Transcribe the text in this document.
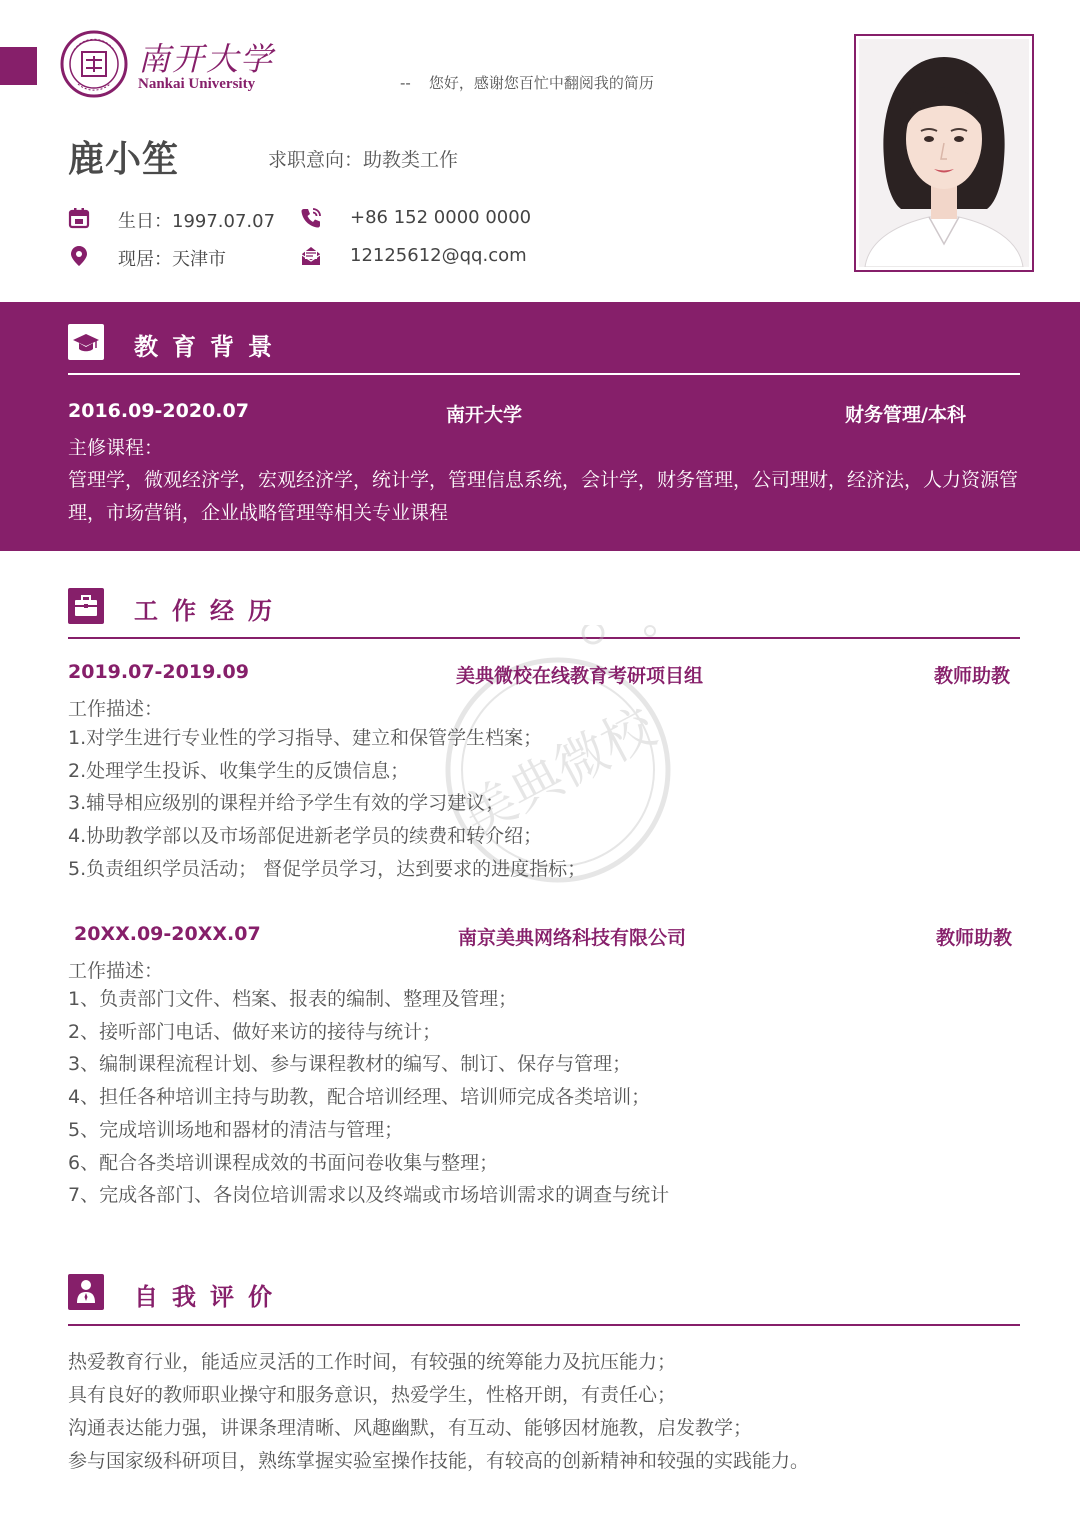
南开大学
Nankai University	-- 您好，感谢您百忙中翻阅我的简历
鹿小笙	求职意向：助教类工作
生日：1997.07.07
现居：天津市
+86 152 0000 0000
12125612@qq.com
教育背景
2016.09-2020.07	南开大学	财务管理/本科
主修课程：
管理学，微观经济学，宏观经济学，统计学，管理信息系统，会计学，财务管理，公司理财，经济法，人力资源管理，市场营销，企业战略管理等相关专业课程
工作经历
美典微校
2019.07-2019.09	美典微校在线教育考研项目组	教师助教
工作描述：
1.对学生进行专业性的学习指导、建立和保管学生档案；
2.处理学生投诉、收集学生的反馈信息；
3.辅导相应级别的课程并给予学生有效的学习建议；
4.协助教学部以及市场部促进新老学员的续费和转介绍；
5.负责组织学员活动； 督促学员学习，达到要求的进度指标；
20XX.09-20XX.07	南京美典网络科技有限公司	教师助教
工作描述：
1、负责部门文件、档案、报表的编制、整理及管理；
2、接听部门电话、做好来访的接待与统计；
3、编制课程流程计划、参与课程教材的编写、制订、保存与管理；
4、担任各种培训主持与助教，配合培训经理、培训师完成各类培训；
5、完成培训场地和器材的清洁与管理；
6、配合各类培训课程成效的书面问卷收集与整理；
7、完成各部门、各岗位培训需求以及终端或市场培训需求的调查与统计
自我评价
热爱教育行业，能适应灵活的工作时间，有较强的统筹能力及抗压能力；
具有良好的教师职业操守和服务意识，热爱学生，性格开朗，有责任心；
沟通表达能力强，讲课条理清晰、风趣幽默，有互动、能够因材施教，启发教学；
参与国家级科研项目，熟练掌握实验室操作技能，有较高的创新精神和较强的实践能力。
